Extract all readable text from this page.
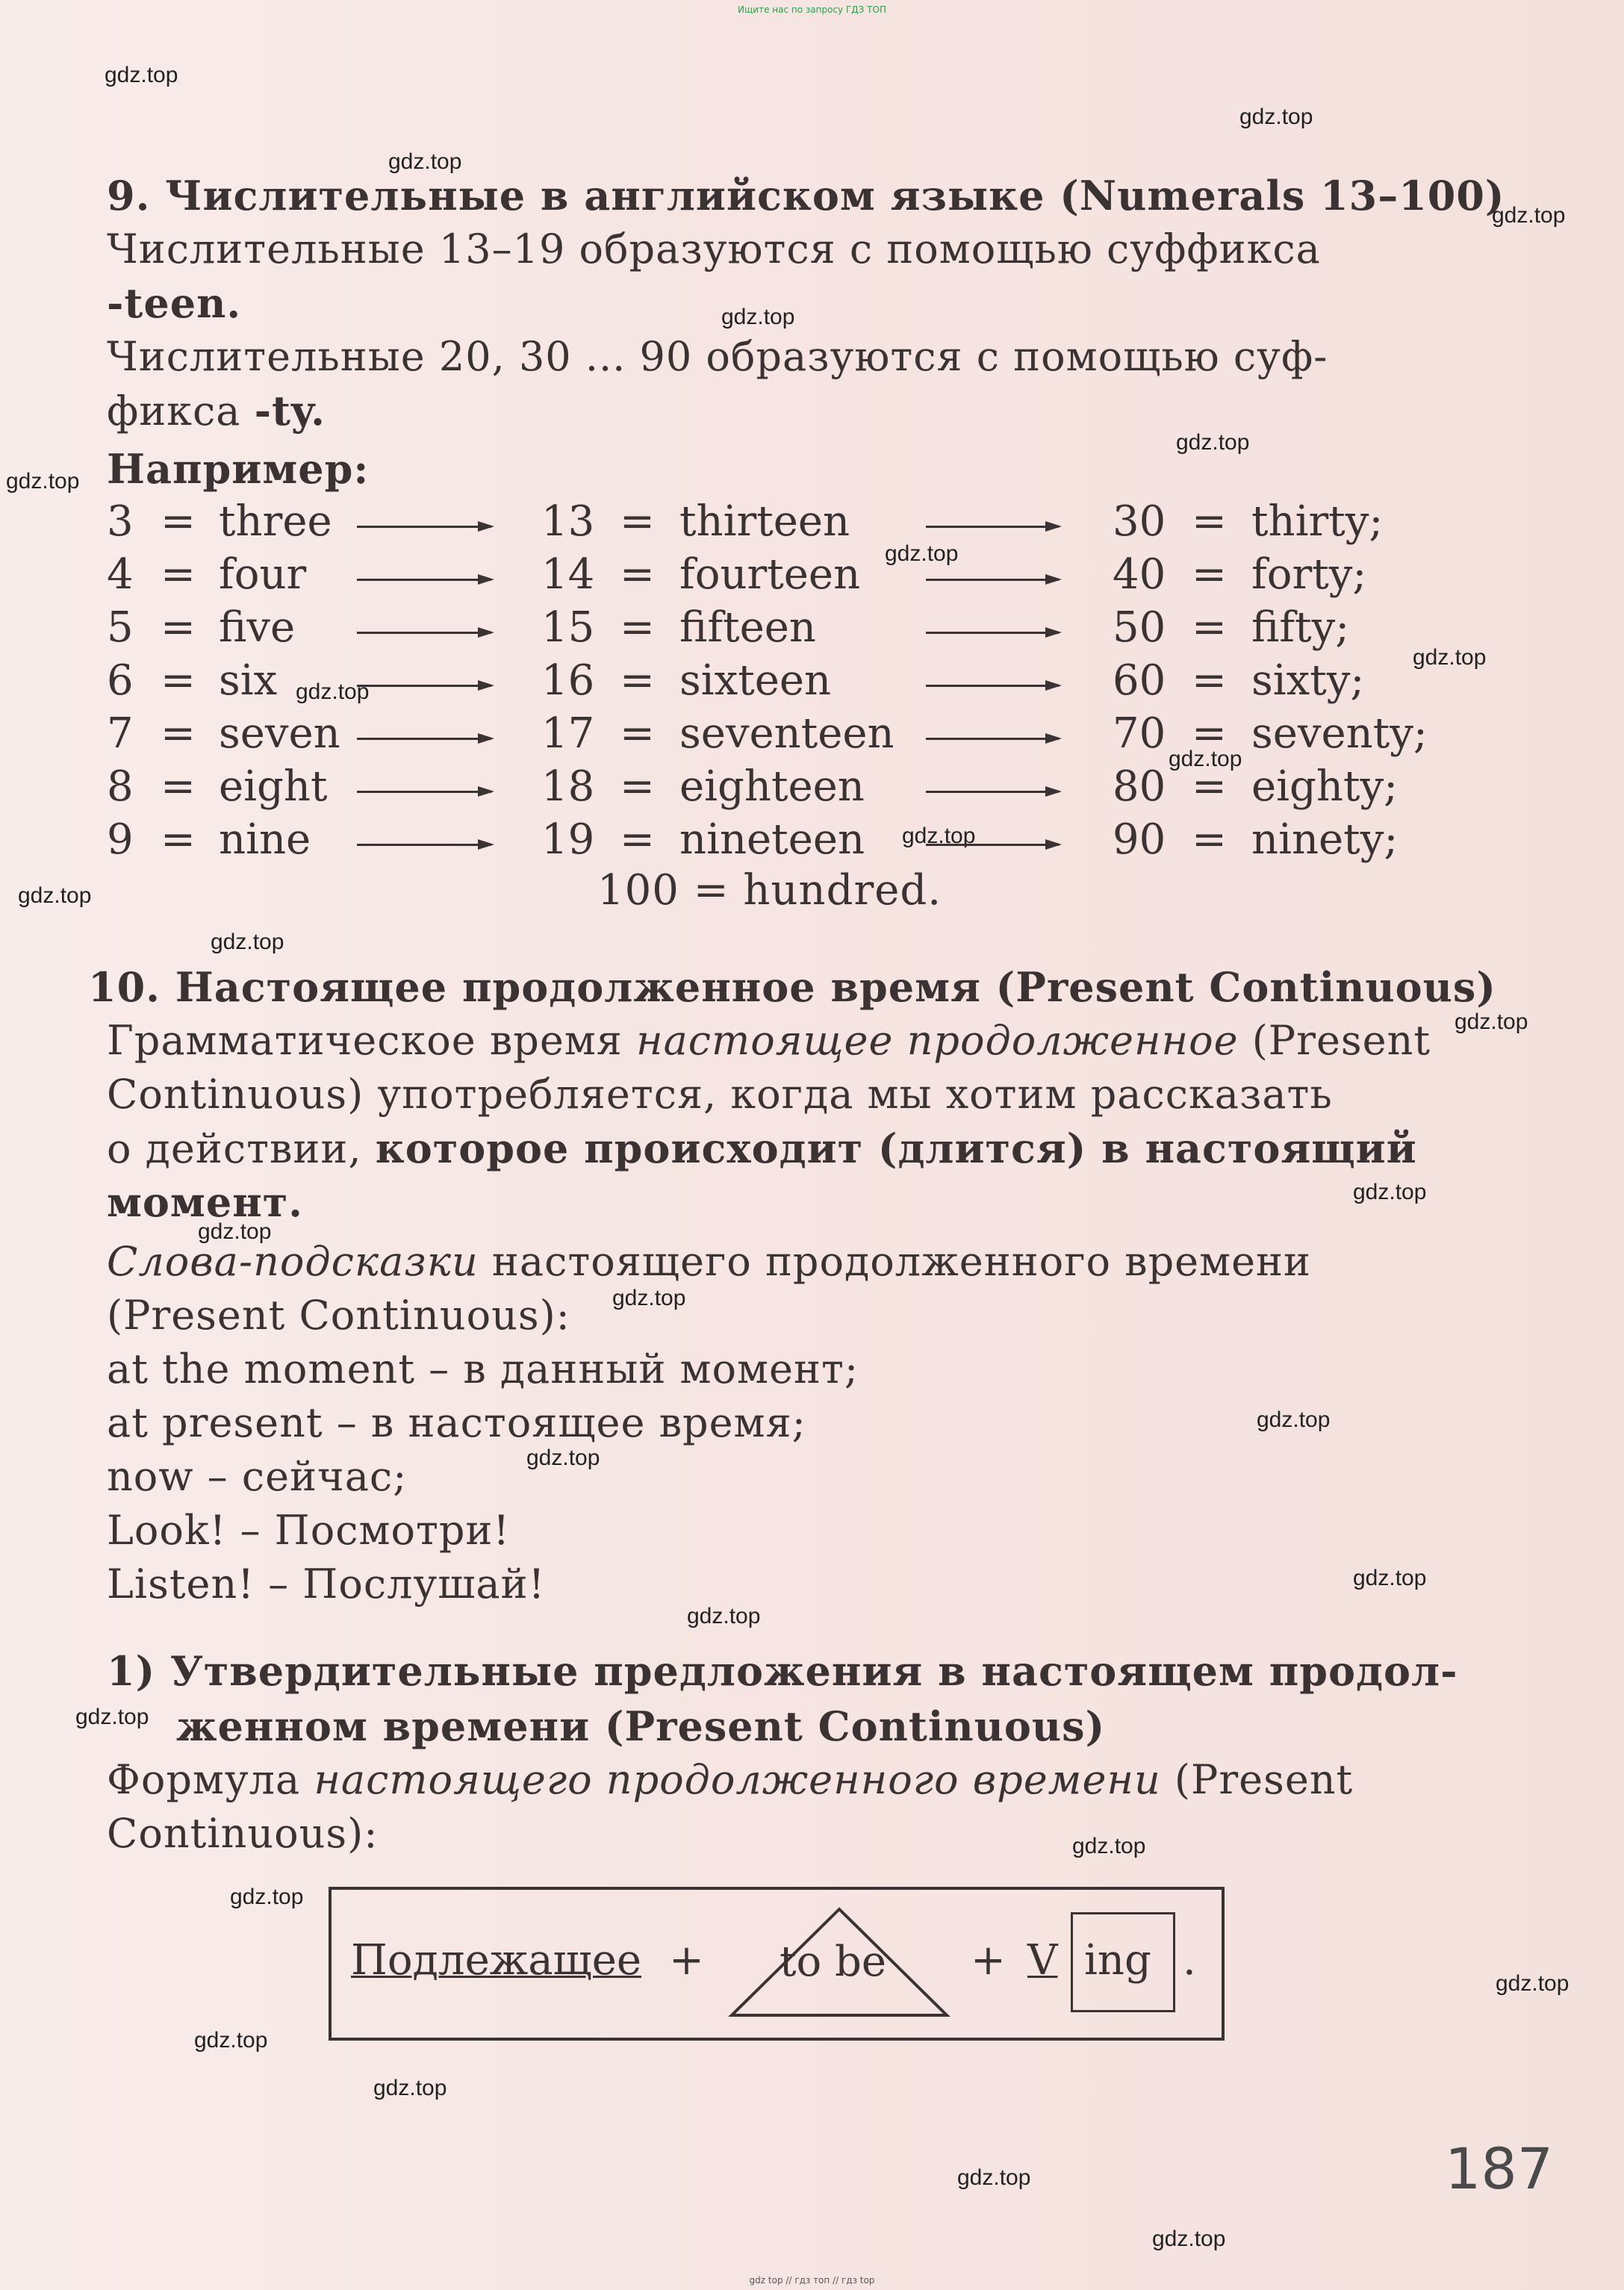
Ищите нас по запросу ГДЗ ТОП
gdz.top
gdz.top
gdz.top
gdz.top
gdz.top
gdz.top
gdz.top
gdz.top
gdz.top
gdz.top
gdz.top
gdz.top
gdz.top
gdz.top
gdz.top
gdz.top
gdz.top
gdz.top
gdz.top
gdz.top
gdz.top
gdz.top
gdz.top
gdz.top
gdz.top
gdz.top
gdz.top
gdz.top
gdz.top
gdz.top
9. Числительные в английском языке (Numerals 13–100)
Числительные 13–19 образуются с помощью суффикса
-teen.
Числительные 20, 30 ... 90 образуются с помощью суф-
фикса -ty.
Например:
3 = three	13 = thirteen	30 = thirty;
4 = four	14 = fourteen	40 = forty;
5 = five	15 = fifteen	50 = fifty;
6 = six	16 = sixteen	60 = sixty;
7 = seven	17 = seventeen	70 = seventy;
8 = eight	18 = eighteen	80 = eighty;
9 = nine	19 = nineteen	90 = ninety;
100 = hundred.
10. Настоящее продолженное время (Present Continuous)
Грамматическое время настоящее продолженное (Present
Continuous) употребляется, когда мы хотим рассказать
о действии, которое происходит (длится) в настоящий
момент.
Слова-подсказки настоящего продолженного времени
(Present Continuous):
at the moment – в данный момент;
at present – в настоящее время;
now – сейчас;
Look! – Посмотри!
Listen! – Послушай!
1) Утвердительные предложения в настоящем продол-
женном времени (Present Continuous)
Формула настоящего продолженного времени (Present
Continuous):
Подлежащее + to be + V ing .
187
gdz top // гдз топ // гдз top
